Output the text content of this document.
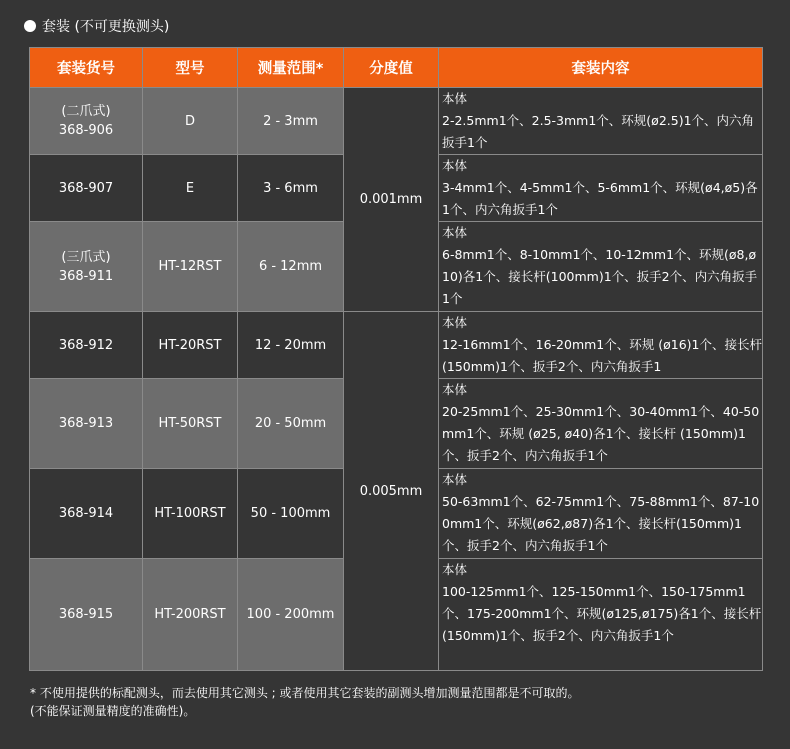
套装 (不可更换测头)
套装货号	型号	测量范围*	分度值	套装内容

(二爪式)
368-906	D	2 - 3mm	0.001mm	本体
2-2.5mm1个、2.5-3mm1个、环规(ø2.5)1个、内六角扳手1个
368-907	E	3 - 6mm		本体
3-4mm1个、4-5mm1个、5-6mm1个、环规(ø4,ø5)各1个、内六角扳手1个

(三爪式)
368-911	HT-12RST	6 - 12mm		本体
6-8mm1个、8-10mm1个、10-12mm1个、环规(ø8,ø10)各1个、接长杆(100mm)1个、扳手2个、内六角扳手1个
368-912	HT-20RST	12 - 20mm	0.005mm	本体
12-16mm1个、16-20mm1个、环规 (ø16)1个、接长杆(150mm)1个、扳手2个、内六角扳手1
368-913	HT-50RST	20 - 50mm		本体
20-25mm1个、25-30mm1个、30-40mm1个、40-50mm1个、环规 (ø25, ø40)各1个、接长杆 (150mm)1个、扳手2个、内六角扳手1个
368-914	HT-100RST	50 - 100mm		本体
50-63mm1个、62-75mm1个、75-88mm1个、87-100mm1个、环规(ø62,ø87)各1个、接长杆(150mm)1个、扳手2个、内六角扳手1个
368-915	HT-200RST	100 - 200mm		本体
100-125mm1个、125-150mm1个、150-175mm1个、175-200mm1个、环规(ø125,ø175)各1个、接长杆 (150mm)1个、扳手2个、内六角扳手1个
* 不使用提供的标配测头，而去使用其它测头 ; 或者使用其它套装的副测头增加测量范围都是不可取的。
(不能保证测量精度的准确性)。
